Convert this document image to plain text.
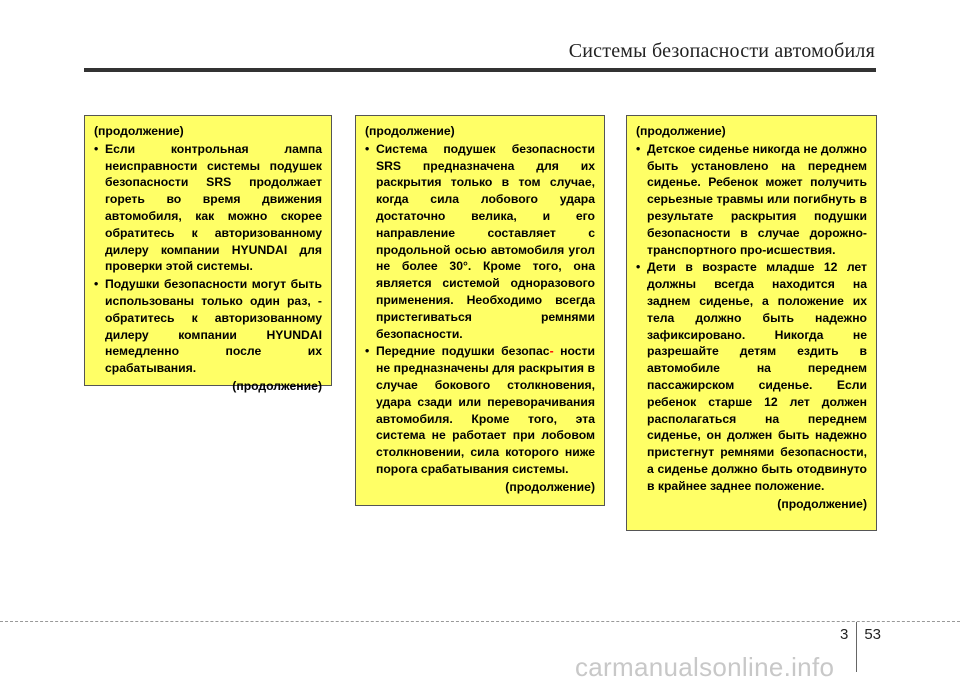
Системы безопасности автомобиля
(продолжение)
• Если контрольная лампа неисправности системы подушек безопасности SRS продолжает гореть во время движения автомобиля, как можно скорее обратитесь к авторизованному дилеру компании HYUNDAI для проверки этой системы.
• Подушки безопасности могут быть использованы только один раз, - обратитесь к авторизованному дилеру компании HYUNDAI немедленно после их срабатывания.
(продолжение)
(продолжение)
• Система подушек безопасности SRS предназначена для их раскрытия только в том случае, когда сила лобового удара достаточно велика, и его направление составляет с продольной осью автомобиля угол не более 30°. Кроме того, она является системой одноразового применения. Необходимо всегда пристегиваться ремнями безопасности.
• Передние подушки безопас- ности не предназначены для раскрытия в случае бокового столкновения, удара сзади или переворачивания автомобиля. Кроме того, эта система не работает при лобовом столкновении, сила которого ниже порога срабатывания системы.
(продолжение)
(продолжение)
• Детское сиденье никогда не должно быть установлено на переднем сиденье. Ребенок может получить серьезные травмы или погибнуть в результате раскрытия подушки безопасности в случае дорожно-транспортного про-исшествия.
• Дети в возрасте младше 12 лет должны всегда находится на заднем сиденье, а положение их тела должно быть надежно зафиксировано. Никогда не разрешайте детям ездить в автомобиле на переднем пассажирском сиденье. Если ребенок старше 12 лет должен располагаться на переднем сиденье, он должен быть надежно пристегнут ремнями безопасности, а сиденье должно быть отодвинуто в крайнее заднее положение.
(продолжение)
3 53
carmanualsonline.info
